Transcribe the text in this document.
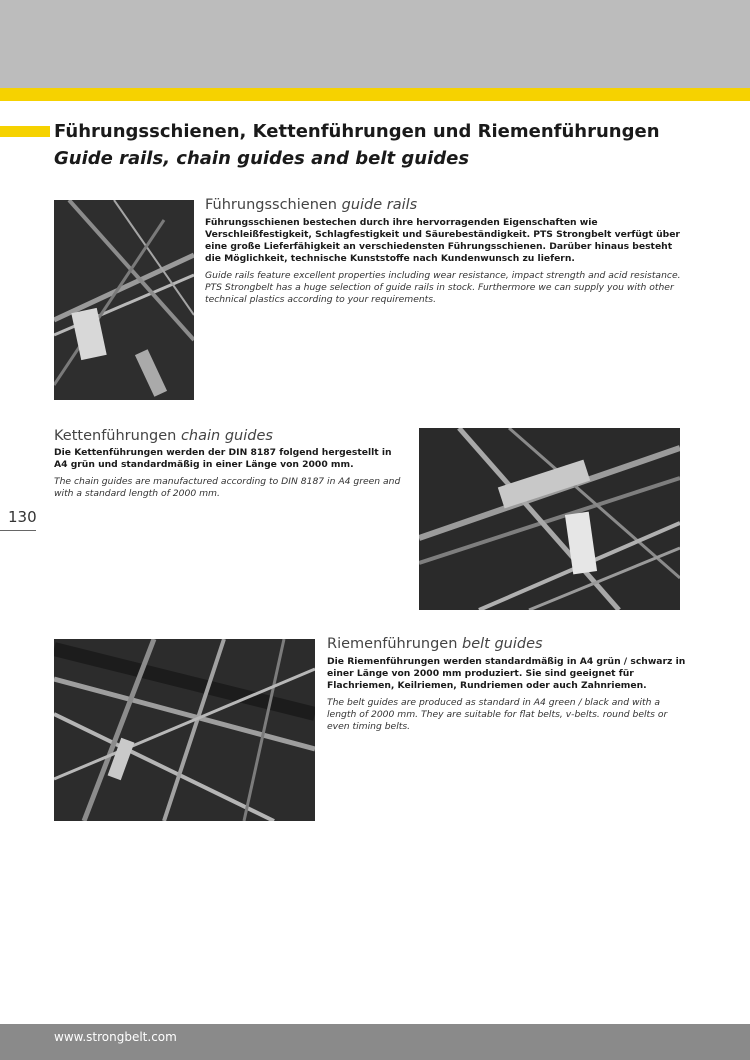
Führungsschienen, Kettenführungen und Riemenführungen
Guide rails, chain guides and belt guides
Führungsschienen guide rails

Führungsschienen bestechen durch ihre hervorragenden Eigenschaften wie Verschleißfestigkeit, Schlagfestigkeit und Säurebeständigkeit. PTS Strongbelt verfügt über eine große Lieferfähigkeit an verschiedensten Führungsschienen. Darüber hinaus besteht die Möglichkeit, technische Kunststoffe nach Kundenwunsch zu liefern.

Guide rails feature excellent properties including wear resistance, impact strength and acid resistance. PTS Strongbelt has a huge selection of guide rails in stock. Furthermore we can supply you with other technical plastics according to your requirements.

Kettenführungen chain guides

Die Kettenführungen werden der DIN 8187 folgend hergestellt in A4 grün und standardmäßig in einer Länge von 2000 mm.

The chain guides are manufactured according to DIN 8187 in A4 green and with a standard length of 2000 mm.

130
Riemenführungen belt guides

Die Riemenführungen werden standardmäßig in A4 grün / schwarz in einer Länge von 2000 mm produziert. Sie sind geeignet für Flachriemen, Keilriemen, Rundriemen oder auch Zahnriemen.

The belt guides are produced as standard in A4 green / black and with a length of 2000 mm. They are suitable for flat belts, v-belts. round belts or even timing belts.

www.strongbelt.com
